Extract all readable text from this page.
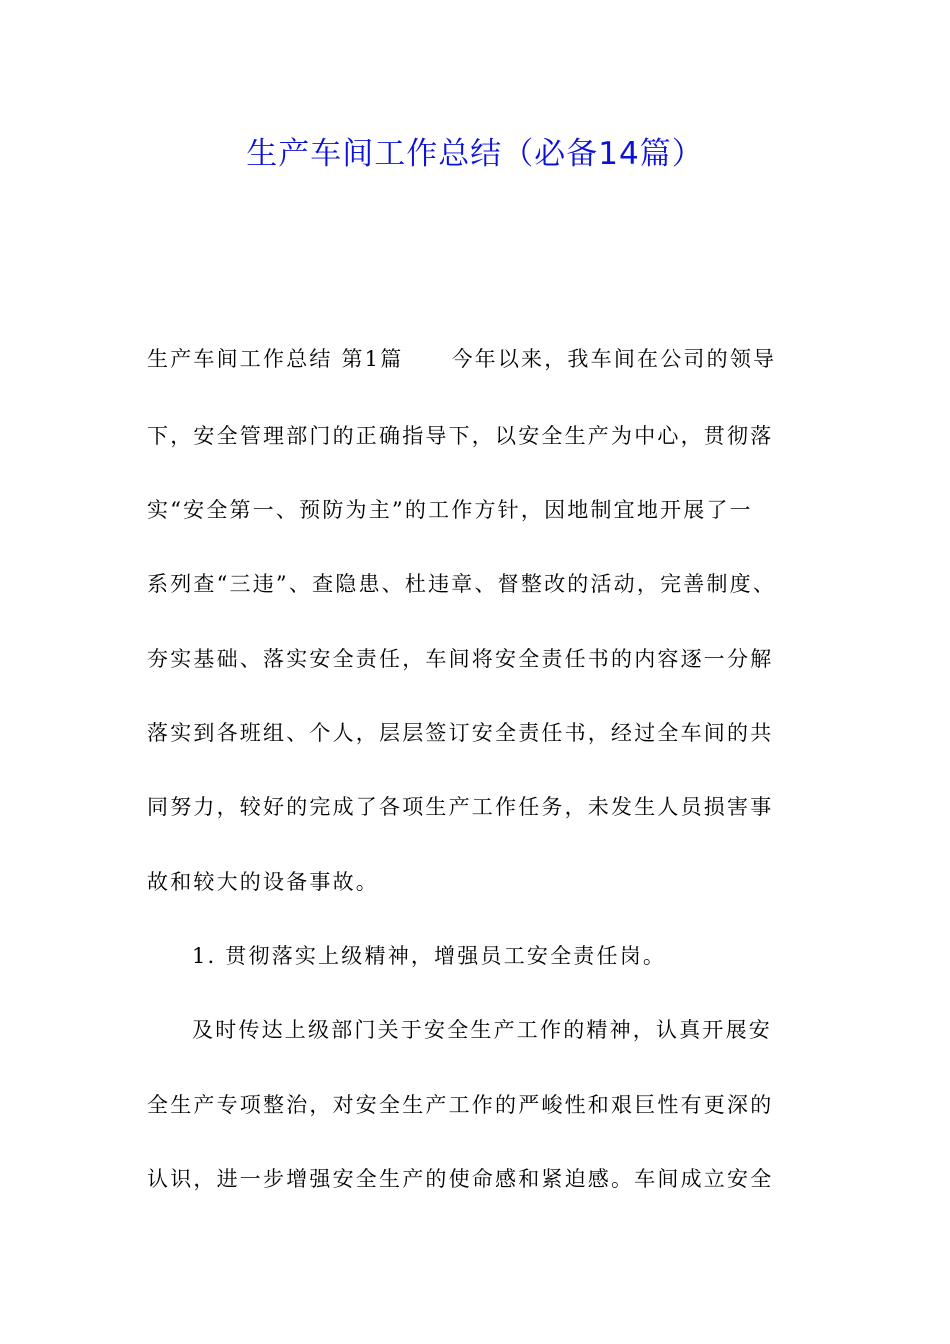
生产车间工作总结（必备14篇）
生产车间工作总结 第1篇 今年以来，我车间在公司的领导
下，安全管理部门的正确指导下，以安全生产为中心，贯彻落
实“安全第一、预防为主”的工作方针，因地制宜地开展了一
系列查“三违”、查隐患、杜违章、督整改的活动，完善制度、
夯实基础、落实安全责任，车间将安全责任书的内容逐一分解
落实到各班组、个人，层层签订安全责任书，经过全车间的共
同努力，较好的完成了各项生产工作任务，未发生人员损害事
故和较大的设备事故。
1. 贯彻落实上级精神，增强员工安全责任岗。
及时传达上级部门关于安全生产工作的精神，认真开展安
全生产专项整治，对安全生产工作的严峻性和艰巨性有更深的
认识，进一步增强安全生产的使命感和紧迫感。车间成立安全
